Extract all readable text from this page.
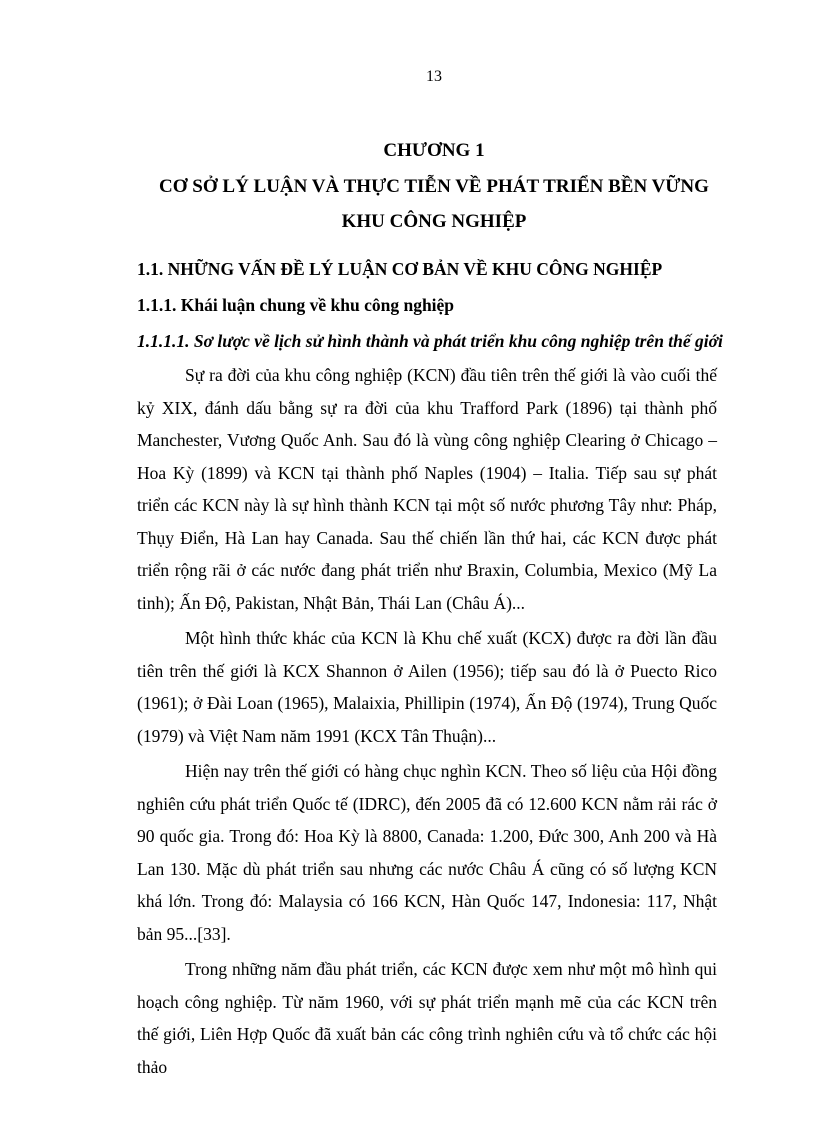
13

CHƯƠNG 1

CƠ SỞ LÝ LUẬN VÀ THỰC TIỄN VỀ PHÁT TRIỂN BỀN VỮNG

KHU CÔNG NGHIỆP

1.1. NHỮNG VẤN ĐỀ LÝ LUẬN CƠ BẢN VỀ KHU CÔNG NGHIỆP

1.1.1. Khái luận chung về khu công nghiệp

1.1.1.1. Sơ lược về lịch sử hình thành và phát triển khu công nghiệp trên thế giới

Sự ra đời của khu công nghiệp (KCN) đầu tiên trên thế giới là vào cuối thế kỷ XIX, đánh dấu bằng sự ra đời của khu Trafford Park (1896) tại thành phố Manchester, Vương Quốc Anh. Sau đó là vùng công nghiệp Clearing ở Chicago – Hoa Kỳ (1899) và KCN tại thành phố Naples (1904) – Italia. Tiếp sau sự phát triển các KCN này là sự hình thành KCN tại một số nước phương Tây như: Pháp, Thụy Điển, Hà Lan hay Canada. Sau thế chiến lần thứ hai, các KCN được phát triển rộng rãi ở các nước đang phát triển như Braxin, Columbia, Mexico (Mỹ La tinh); Ấn Độ, Pakistan, Nhật Bản, Thái Lan (Châu Á)...

Một hình thức khác của KCN là Khu chế xuất (KCX) được ra đời lần đầu tiên trên thế giới là KCX Shannon ở Ailen (1956); tiếp sau đó là ở Puecto Rico (1961); ở Đài Loan (1965), Malaixia, Phillipin (1974), Ấn Độ (1974), Trung Quốc (1979) và Việt Nam năm 1991 (KCX Tân Thuận)...

Hiện nay trên thế giới có hàng chục nghìn KCN. Theo số liệu của Hội đồng nghiên cứu phát triển Quốc tế (IDRC), đến 2005 đã có 12.600 KCN nằm rải rác ở 90 quốc gia. Trong đó: Hoa Kỳ là 8800, Canada: 1.200, Đức 300, Anh 200 và Hà Lan 130. Mặc dù phát triển sau nhưng các nước Châu Á cũng có số lượng KCN khá lớn. Trong đó: Malaysia có 166 KCN, Hàn Quốc 147, Indonesia: 117, Nhật bản 95...[33].

Trong những năm đầu phát triển, các KCN được xem như một mô hình qui hoạch công nghiệp. Từ năm 1960, với sự phát triển mạnh mẽ của các KCN trên thế giới, Liên Hợp Quốc đã xuất bản các công trình nghiên cứu và tổ chức các hội thảo
